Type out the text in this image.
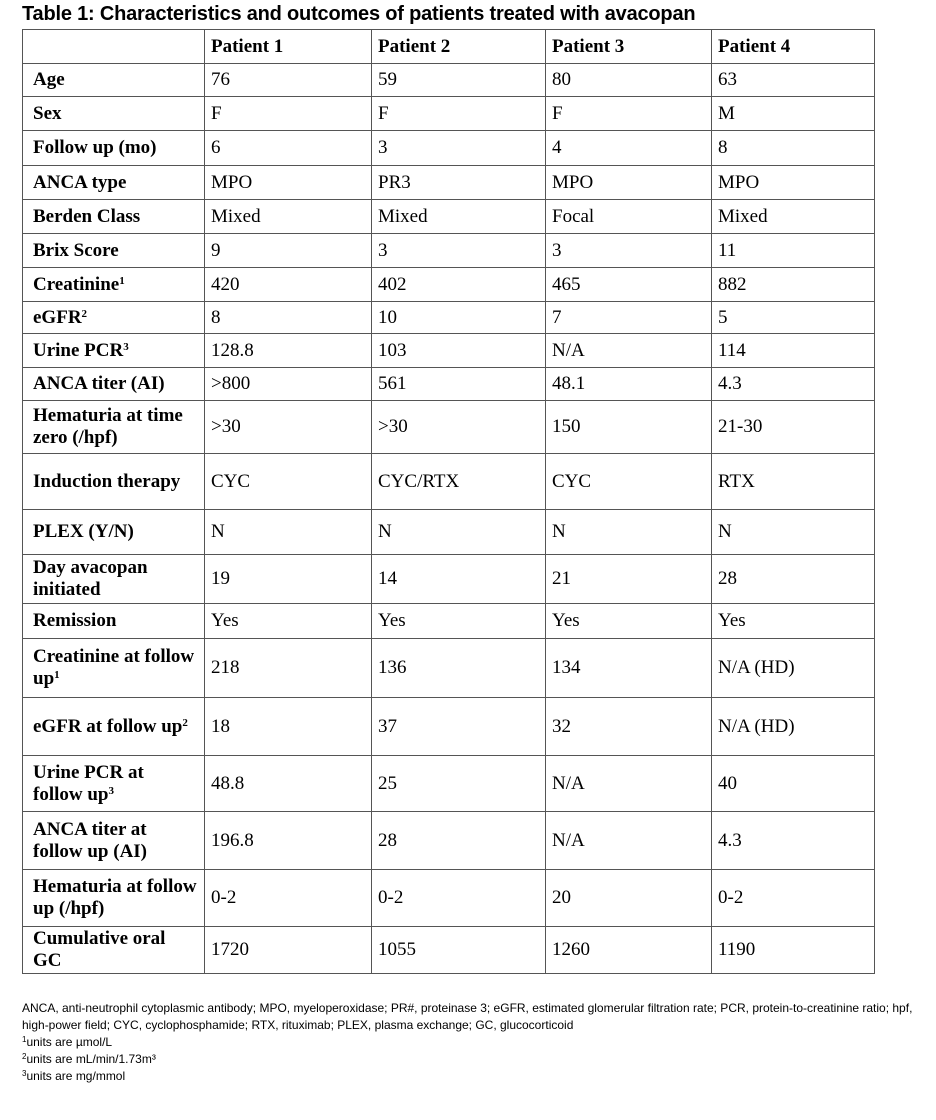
Table 1: Characteristics and outcomes of patients treated with avacopan
	Patient 1	Patient 2	Patient 3	Patient 4
Age	76	59	80	63
Sex	F	F	F	M
Follow up (mo)	6	3	4	8
ANCA type	MPO	PR3	MPO	MPO
Berden Class	Mixed	Mixed	Focal	Mixed
Brix Score	9	3	3	11
Creatinine$^1$	420	402	465	882
eGFR$^2$	8	10	7	5
Urine PCR$^3$	128.8	103	N/A	114
ANCA titer (AI)	>800	561	48.1	4.3
Hematuria at time zero (/hpf)	>30	>30	150	21-30
Induction therapy	CYC	CYC/RTX	CYC	RTX
PLEX (Y/N)	N	N	N	N
Day avacopan initiated	19	14	21	28
Remission	Yes	Yes	Yes	Yes
Creatinine at follow $up^1$	218	136	134	N/A (HD)
eGFR at follow $up^2$	18	37	32	N/A (HD)
Urine PCR at follow $up^3$	48.8	25	N/A	40
ANCA titer at follow up (AI)	196.8	28	N/A	4.3
Hematuria at follow up (/hpf)	0-2	0-2	20	0-2
Cumulative oral GC	1720	1055	1260	1190
ANCA, anti-neutrophil cytoplasmic antibody; MPO, myeloperoxidase; PR#, proteinase 3; eGFR, estimated glomerular filtration rate; PCR, protein-to-creatinine ratio; hpf, high-power field; CYC, cyclophosphamide; RTX, rituximab; PLEX, plasma exchange; GC, glucocorticoid
$^1$units are µmol/L
$^2$units are mL/min/1.73m³
$^3$units are mg/mmol
